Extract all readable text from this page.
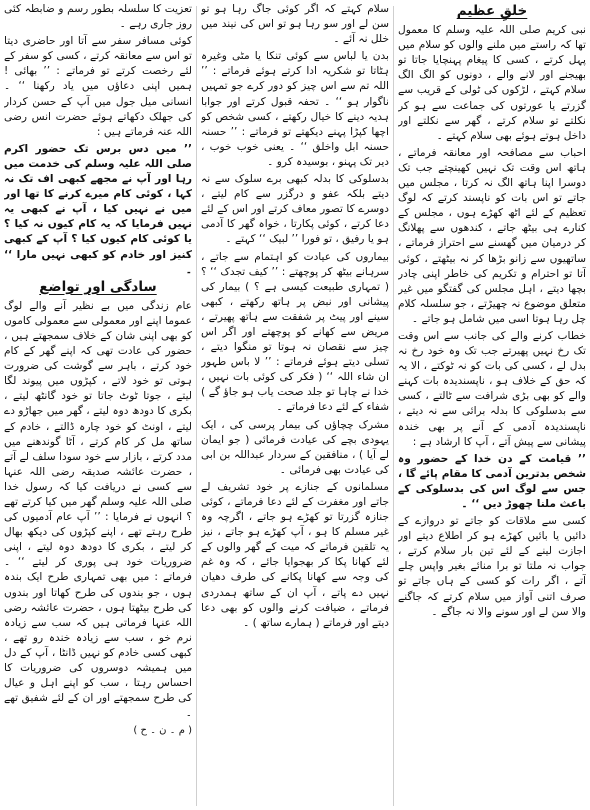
خلقِ عظیم

نبی کریم صلی اللہ علیہ وسلم کا معمول تھا کہ راستے میں ملنے والوں کو سلام میں پہل کرتے ، کسی کا پیغام پہنچایا جاتا تو بھیجنے اور لانے والے ، دونوں کو الگ الگ سلام کہتے ، لڑکوں کی ٹولی کے قریب سے گزرتے یا عورتوں کی جماعت سے ہو کر نکلتے تو سلام کرتے ، گھر سے نکلتے اور داخل ہوتے ہوئے بھی سلام کہتے ۔

احباب سے مصافحہ اور معانقہ فرماتے ، ہاتھ اس وقت تک نہیں کھینچتے جب تک دوسرا اپنا ہاتھ الگ نہ کرتا ، مجلس میں جاتے تو اس بات کو ناپسند کرتے کہ لوگ تعظیم کے لئے اٹھ کھڑے ہوں ، مجلس کے کنارے ہی بیٹھ جاتے ، کندھوں سے پھلانگ کر درمیان میں گھسنے سے احتراز فرماتے ، ساتھیوں سے زانو بڑھا کر نہ بیٹھتے ، کوئی آتا تو احترام و تکریم کی خاطر اپنی چادر بچھا دیتے ، اہل مجلس کی گفتگو میں غیر متعلق موضوع نہ چھیڑتے ، جو سلسلہ کلام چل رہا ہوتا اسی میں شامل ہو جاتے ۔

خطاب کرنے والے کی جانب سے اس وقت تک رخ نہیں پھیرتے جب تک وہ خود رخ نہ بدل لے ، کسی کی بات کو نہ ٹوکتے ، الا یہ کہ حق کے خلاف ہو ، ناپسندیدہ بات کہنے والے کو بھی بڑی شرافت سے ٹالتے ، کسی سے بدسلوکی کا بدلہ برائی سے نہ دیتے ، ناپسندیدہ آدمی کے آنے پر بھی خندہ پیشانی سے پیش آتے ، آپ کا ارشاد ہے :

’’ قیامت کے دن خدا کے حضور وہ شخص بدترین آدمی کا مقام پائے گا ، جس سے لوگ اس کی بدسلوکی کے باعث ملنا چھوڑ دیں ‘‘ ۔

کسی سے ملاقات کو جاتے تو دروازے کے دائیں یا بائیں کھڑے ہو کر اطلاع دیتے اور اجازت لینے کے لئے تین بار سلام کرتے ، جواب نہ ملتا تو برا منائے بغیر واپس چلے آتے ، اگر رات کو کسی کے ہاں جاتے تو صرف اتنی آواز میں سلام کرتے کہ جاگنے والا سن لے اور سونے والا نہ جاگے ۔

سلام کہتے کہ اگر کوئی جاگ رہا ہو تو سن لے اور سو رہا ہو تو اس کی نیند میں خلل نہ آئے ۔

بدن یا لباس سے کوئی تنکا یا مٹی وغیرہ ہٹاتا تو شکریہ ادا کرتے ہوئے فرماتے : ’’ اللہ تم سے اس چیز کو دور کرے جو تمہیں ناگوار ہو ‘‘ ۔ تحفہ قبول کرتے اور جوابا ہدیہ دینے کا خیال رکھتے ، کسی شخص کو اچھا کپڑا پہنے دیکھتے تو فرماتے : ’’ حسنہ حسنہ ابل واخلق ‘‘ ۔ یعنی خوب خوب ، دیر تک پہنو ، بوسیدہ کرو ۔

بدسلوکی کا بدلہ کبھی برے سلوک سے نہ دیتے بلکہ عفو و درگزر سے کام لیتے ، دوسرے کا تصور معاف کرتے اور اس کے لئے دعا کرتے ، کوئی پکارتا ، خواہ گھر کا آدمی ہو یا رفیق ، تو فورا ’’ لبیک ‘‘ کہتے ۔

بیماروں کی عیادت کو اہتمام سے جاتے ، سرہانے بیٹھ کر پوچھتے : ’’ کیف تجدک ‘‘ ؟ ( تمہاری طبیعت کیسی ہے ؟ ) بیمار کی پیشانی اور نبض پر ہاتھ رکھتے ، کبھی سینے اور پیٹ پر شفقت سے ہاتھ پھیرتے ، مریض سے کھانے کو پوچھتے اور اگر اس چیز سے نقصان نہ ہوتا تو منگوا دیتے ، تسلی دیتے ہوئے فرماتے : ’’ لا باس طہور ان شاء اللہ ‘‘ ( فکر کی کوئی بات نہیں ، خدا نے چاہا تو جلد صحت یاب ہو جاؤ گے ) شفاء کے لئے دعا فرماتے ۔

مشرک چچاؤں کی بیمار پرسی کی ، ایک یہودی بچے کی عیادت فرمائی ( جو ایمان لے آیا ) ، منافقین کے سردار عبداللہ بن ابی کی عیادت بھی فرمائی ۔

مسلمانوں کے جنازے پر خود تشریف لے جاتے اور مغفرت کے لئے دعا فرماتے ، کوئی جنازہ گزرتا تو کھڑے ہو جاتے ، اگرچہ وہ غیر مسلم کا ہو ، آپ کھڑے ہو جاتے ، نیز یہ تلقین فرماتے کہ میت کے گھر والوں کے لئے کھانا پکا کر بھجوایا جائے ، کہ وہ غم کی وجہ سے کھانا پکانے کی طرف دھیان نہیں دے پاتے ، آپ ان کے ساتھ ہمدردی فرماتے ، ضیافت کرنے والوں کو بھی دعا دیتے اور فرماتے ( ہمارے ساتھ ) ۔

تعزیت کا سلسلہ بطور رسم و ضابطہ کئی روز جاری رہے ۔

کوئی مسافر سفر سے آتا اور حاضری دیتا تو اس سے معانقہ کرتے ، کسی کو سفر کے لئے رخصت کرتے تو فرماتے : ’’ بھائی ! ہمیں اپنی دعاؤں میں یاد رکھنا ‘‘ ۔ انسانی میل جول میں آپ کے حسن کردار کی جھلک دکھاتے ہوئے حضرت انس رضی اللہ عنہ فرماتے ہیں :

’’ میں دس برس تک حضور اکرم صلی اللہ علیہ وسلم کی خدمت میں رہا اور آپ نے مجھے کبھی اف تک نہ کہا ، کوئی کام میرے کرنے کا تھا اور میں نے نہیں کیا ، آپ نے کبھی یہ نہیں فرمایا کہ یہ کام کیوں نہ کیا ؟ یا کوئی کام کیوں کیا ؟ آپ کے کبھی کنیز اور خادم کو کبھی نہیں مارا ‘‘ ۔

سادگی اور تواضع

عام زندگی میں بے نظیر آنے والے لوگ عموما اپنے اور معمولی سے معمولی کاموں کو بھی اپنی شان کے خلاف سمجھتے ہیں ، حضور کی عادت تھی کہ اپنے گھر کے کام خود کرتے ، باہر سے گوشت کی ضرورت ہوتی تو خود لاتے ، کپڑوں میں پیوند لگا لیتے ، جوتا ٹوٹ جاتا تو خود گانٹھ لیتے ، بکری کا دودھ دوہ لیتے ، گھر میں جھاڑو دے لیتے ، اونٹ کو خود چارہ ڈالتے ، خادم کے ساتھ مل کر کام کرتے ، آٹا گوندھنے میں مدد کرتے ، بازار سے خود سودا سلف لے آتے ، حضرت عائشہ صدیقہ رضی اللہ عنہا سے کسی نے دریافت کیا کہ رسول خدا صلی اللہ علیہ وسلم گھر میں کیا کرتے تھے ؟ انہوں نے فرمایا : ’’ آپ عام آدمیوں کی طرح رہتے تھے ، اپنے کپڑوں کی دیکھ بھال کر لیتے ، بکری کا دودھ دوہ لیتے ، اپنی ضروریات خود ہی پوری کر لیتے ‘‘ ۔ فرماتے : میں بھی تمہاری طرح ایک بندہ ہوں ، جو بندوں کی طرح کھاتا اور بندوں کی طرح بیٹھتا ہوں ، حضرت عائشہ رضی اللہ عنہا فرماتی ہیں کہ سب سے زیادہ نرم خو ، سب سے زیادہ خندہ رو تھے ، کبھی کسی خادم کو نہیں ڈانٹا ، آپ کے دل میں ہمیشہ دوسروں کی ضروریات کا احساس رہتا ، سب کو اپنے اہل و عیال کی طرح سمجھتے اور ان کے لئے شفیق تھے ۔

( م ۔ ن ۔ ح )
